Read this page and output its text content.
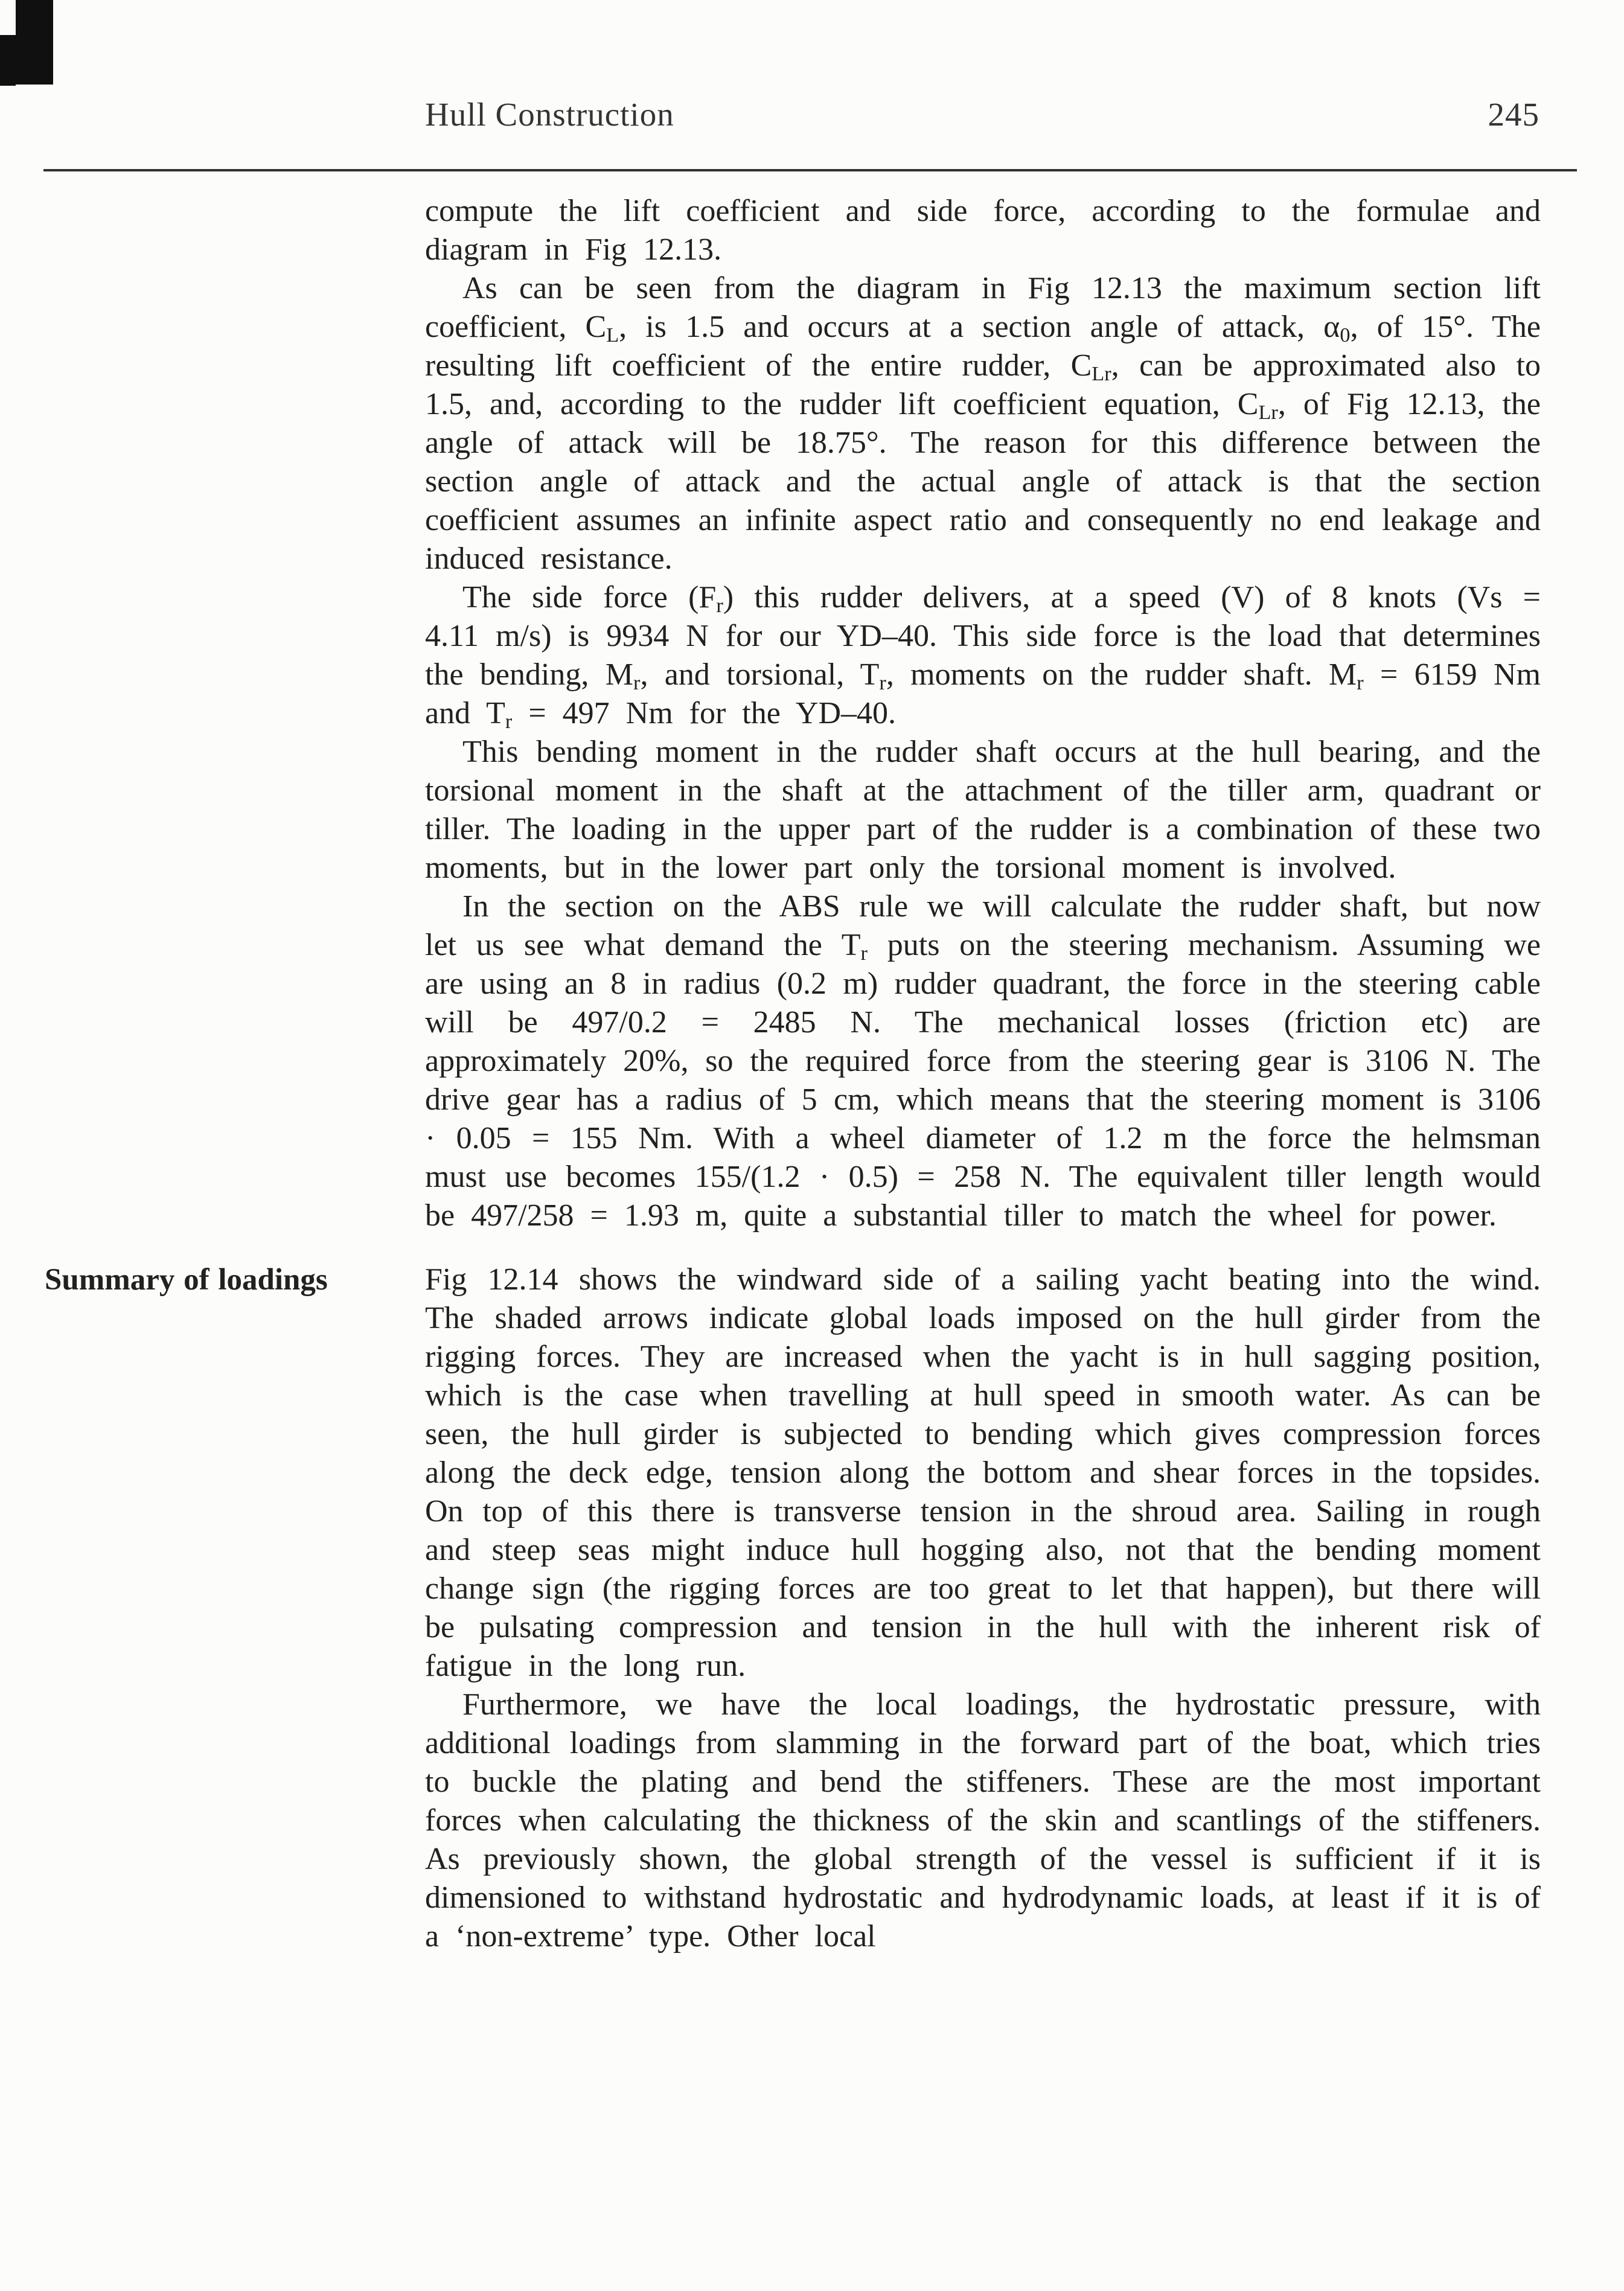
Hull Construction	245

compute the lift coefficient and side force, according to the formulae and diagram in Fig 12.13.

As can be seen from the diagram in Fig 12.13 the maximum section lift coefficient, $C_L$, is 1.5 and occurs at a section angle of attack, $\alpha_0$, of 15°. The resulting lift coefficient of the entire rudder, $C_{Lr}$, can be approximated also to 1.5, and, according to the rudder lift coefficient equation, $C_{Lr}$, of Fig 12.13, the angle of attack will be 18.75°. The reason for this difference between the section angle of attack and the actual angle of attack is that the section coefficient assumes an infinite aspect ratio and consequently no end leakage and induced resistance.

The side force $(F_r)$ this rudder delivers, at a speed (V) of 8 knots (Vs = 4.11 m/s) is 9934 N for our YD–40. This side force is the load that determines the bending, $M_r$, and torsional, $T_r$, moments on the rudder shaft. $M_r = 6159$ Nm and $T_r = 497$ Nm for the YD–40.

This bending moment in the rudder shaft occurs at the hull bearing, and the torsional moment in the shaft at the attachment of the tiller arm, quadrant or tiller. The loading in the upper part of the rudder is a combination of these two moments, but in the lower part only the torsional moment is involved.

In the section on the ABS rule we will calculate the rudder shaft, but now let us see what demand the $T_r$ puts on the steering mechanism. Assuming we are using an 8 in radius (0.2 m) rudder quadrant, the force in the steering cable will be 497/0.2 = 2485 N. The mechanical losses (friction etc) are approximately 20%, so the required force from the steering gear is 3106 N. The drive gear has a radius of 5 cm, which means that the steering moment is 3106 · 0.05 = 155 Nm. With a wheel diameter of 1.2 m the force the helmsman must use becomes 155/(1.2 · 0.5) = 258 N. The equivalent tiller length would be 497/258 = 1.93 m, quite a substantial tiller to match the wheel for power.

Summary of loadings	Fig 12.14 shows the windward side of a sailing yacht beating into the wind. The shaded arrows indicate global loads imposed on the hull girder from the rigging forces. They are increased when the yacht is in hull sagging position, which is the case when travelling at hull speed in smooth water. As can be seen, the hull girder is subjected to bending which gives compression forces along the deck edge, tension along the bottom and shear forces in the topsides. On top of this there is transverse tension in the shroud area. Sailing in rough and steep seas might induce hull hogging also, not that the bending moment change sign (the rigging forces are too great to let that happen), but there will be pulsating compression and tension in the hull with the inherent risk of fatigue in the long run.

Furthermore, we have the local loadings, the hydrostatic pressure, with additional loadings from slamming in the forward part of the boat, which tries to buckle the plating and bend the stiffeners. These are the most important forces when calculating the thickness of the skin and scantlings of the stiffeners. As previously shown, the global strength of the vessel is sufficient if it is dimensioned to withstand hydrostatic and hydrodynamic loads, at least if it is of a ‘non-extreme’ type. Other local
